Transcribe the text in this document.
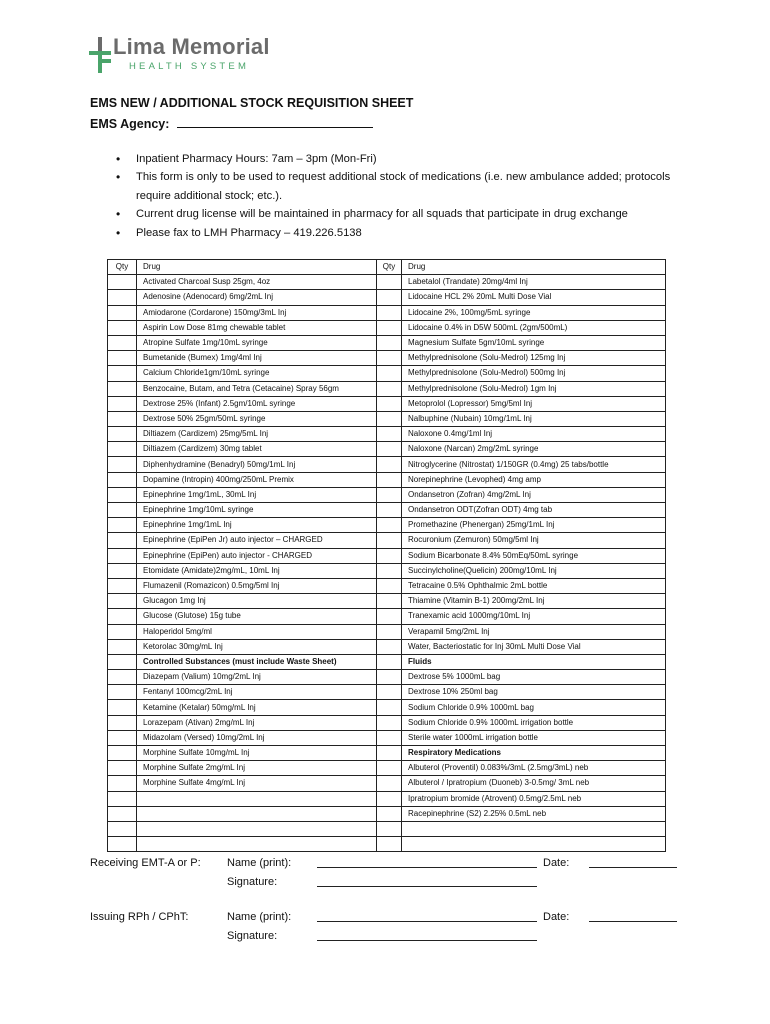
Lima Memorial
HEALTH SYSTEM
EMS NEW / ADDITIONAL STOCK REQUISITION SHEET
EMS Agency:
• Inpatient Pharmacy Hours: 7am – 3pm (Mon-Fri)
• This form is only to be used to request additional stock of medications (i.e. new ambulance added; protocols require additional stock; etc.).
• Current drug license will be maintained in pharmacy for all squads that participate in drug exchange
• Please fax to LMH Pharmacy – 419.226.5138
Qty	Drug	Qty	Drug
	Activated Charcoal Susp 25gm, 4oz		Labetalol (Trandate) 20mg/4ml Inj
	Adenosine (Adenocard) 6mg/2mL Inj		Lidocaine HCL 2% 20mL Multi Dose Vial
	Amiodarone (Cordarone) 150mg/3mL Inj		Lidocaine 2%, 100mg/5mL syringe
	Aspirin Low Dose 81mg chewable tablet		Lidocaine 0.4% in D5W 500mL (2gm/500mL)
	Atropine Sulfate 1mg/10mL syringe		Magnesium Sulfate 5gm/10mL syringe
	Bumetanide (Bumex) 1mg/4ml Inj		Methylprednisolone (Solu-Medrol) 125mg Inj
	Calcium Chloride1gm/10mL syringe		Methylprednisolone (Solu-Medrol) 500mg Inj
	Benzocaine, Butam, and Tetra (Cetacaine) Spray 56gm		Methylprednisolone (Solu-Medrol) 1gm Inj
	Dextrose 25% (Infant) 2.5gm/10mL syringe		Metoprolol (Lopressor) 5mg/5ml Inj
	Dextrose 50% 25gm/50mL syringe		Nalbuphine (Nubain) 10mg/1mL Inj
	Diltiazem (Cardizem) 25mg/5mL Inj		Naloxone 0.4mg/1ml Inj
	Diltiazem (Cardizem) 30mg tablet		Naloxone (Narcan) 2mg/2mL syringe
	Diphenhydramine (Benadryl) 50mg/1mL Inj		Nitroglycerine (Nitrostat) 1/150GR (0.4mg) 25 tabs/bottle
	Dopamine (Intropin) 400mg/250mL Premix		Norepinephrine (Levophed) 4mg amp
	Epinephrine 1mg/1mL, 30mL Inj		Ondansetron (Zofran) 4mg/2mL Inj
	Epinephrine 1mg/10mL syringe		Ondansetron ODT(Zofran ODT) 4mg tab
	Epinephrine 1mg/1mL Inj		Promethazine (Phenergan) 25mg/1mL Inj
	Epinephrine (EpiPen Jr) auto injector – CHARGED		Rocuronium (Zemuron) 50mg/5ml Inj
	Epinephrine (EpiPen) auto injector - CHARGED		Sodium Bicarbonate 8.4% 50mEq/50mL syringe
	Etomidate (Amidate)2mg/mL, 10mL Inj		Succinylcholine(Quelicin) 200mg/10mL Inj
	Flumazenil (Romazicon) 0.5mg/5ml Inj		Tetracaine 0.5% Ophthalmic 2mL bottle
	Glucagon 1mg Inj		Thiamine (Vitamin B-1) 200mg/2mL Inj
	Glucose (Glutose) 15g tube		Tranexamic acid 1000mg/10mL Inj
	Haloperidol 5mg/ml		Verapamil 5mg/2mL Inj
	Ketorolac 30mg/mL Inj		Water, Bacteriostatic for Inj 30mL Multi Dose Vial
	Controlled Substances (must include Waste Sheet)		Fluids
	Diazepam (Valium) 10mg/2mL Inj		Dextrose 5% 1000mL bag
	Fentanyl 100mcg/2mL Inj		Dextrose 10% 250ml bag
	Ketamine (Ketalar) 50mg/mL Inj		Sodium Chloride 0.9% 1000mL bag
	Lorazepam (Ativan) 2mg/mL Inj		Sodium Chloride 0.9% 1000mL irrigation bottle
	Midazolam (Versed) 10mg/2mL Inj		Sterile water 1000mL irrigation bottle
	Morphine Sulfate 10mg/mL Inj		Respiratory Medications
	Morphine Sulfate 2mg/mL Inj		Albuterol (Proventil) 0.083%/3mL (2.5mg/3mL) neb
	Morphine Sulfate 4mg/mL Inj		Albuterol / Ipratropium (Duoneb) 3-0.5mg/ 3mL neb
			Ipratropium bromide (Atrovent) 0.5mg/2.5mL neb
			Racepinephrine (S2) 2.25% 0.5mL neb

Receiving EMT-A or P: Name (print):	Date:
Signature:
Issuing RPh / CPhT:	Name (print):	Date:
Signature:
